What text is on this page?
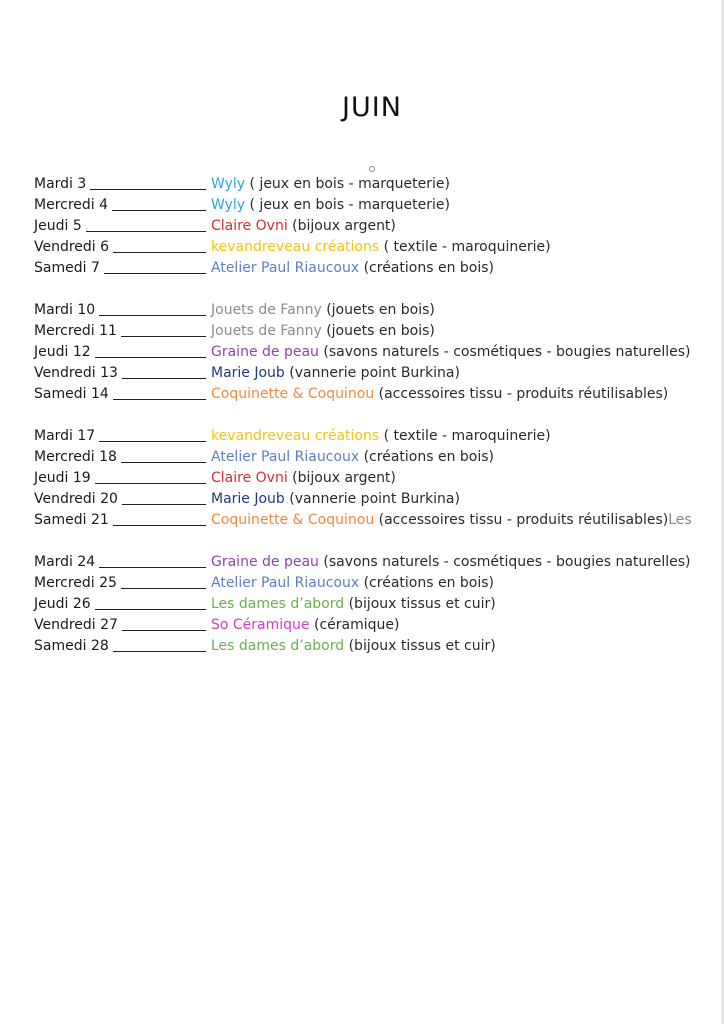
JUIN
Mardi 3	Wyly ( jeux en bois - marqueterie)
Mercredi 4	Wyly ( jeux en bois - marqueterie)
Jeudi 5	Claire Ovni (bijoux argent)
Vendredi 6	kevandreveau créations ( textile - maroquinerie)
Samedi 7	Atelier Paul Riaucoux (créations en bois)
Mardi 10	Jouets de Fanny (jouets en bois)
Mercredi 11	Jouets de Fanny (jouets en bois)
Jeudi 12	Graine de peau (savons naturels - cosmétiques - bougies naturelles)
Vendredi 13	Marie Joub (vannerie point Burkina)
Samedi 14	Coquinette & Coquinou (accessoires tissu - produits réutilisables)
Mardi 17	kevandreveau créations ( textile - maroquinerie)
Mercredi 18	Atelier Paul Riaucoux (créations en bois)
Jeudi 19	Claire Ovni (bijoux argent)
Vendredi 20	Marie Joub (vannerie point Burkina)
Samedi 21	Coquinette & Coquinou (accessoires tissu - produits réutilisables)Les
Mardi 24	Graine de peau (savons naturels - cosmétiques - bougies naturelles)
Mercredi 25	Atelier Paul Riaucoux (créations en bois)
Jeudi 26	Les dames d’abord (bijoux tissus et cuir)
Vendredi 27	So Céramique (céramique)
Samedi 28	Les dames d’abord (bijoux tissus et cuir)
